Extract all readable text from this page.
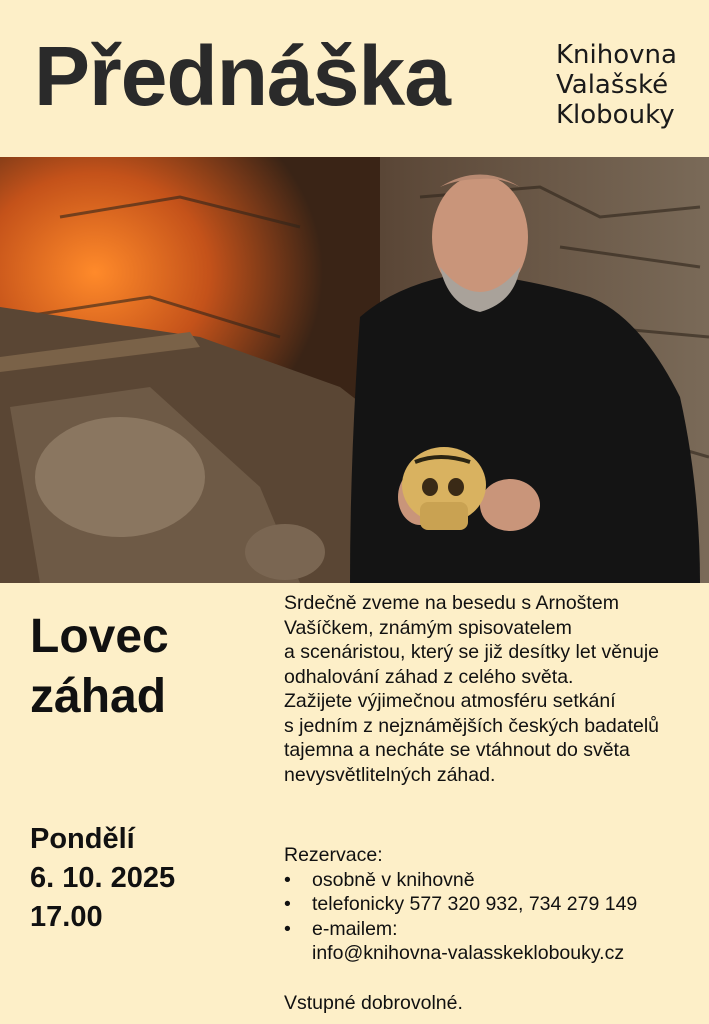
Přednáška	Knihovna
Valašské
Klobouky
Lovec
záhad
Pondělí
6. 10. 2025
17.00
Srdečně zveme na besedu s Arnoštem
Vašíčkem, známým spisovatelem
a scenáristou, který se již desítky let věnuje
odhalování záhad z celého světa.
Zažijete výjimečnou atmosféru setkání
s jedním z nejznámějších českých badatelů
tajemna a necháte se vtáhnout do světa
nevysvětlitelných záhad.
Rezervace:
• osobně v knihovně
• telefonicky 577 320 932, 734 279 149
• e-mailem:
info@knihovna-valasskeklobouky.cz
Vstupné dobrovolné.
